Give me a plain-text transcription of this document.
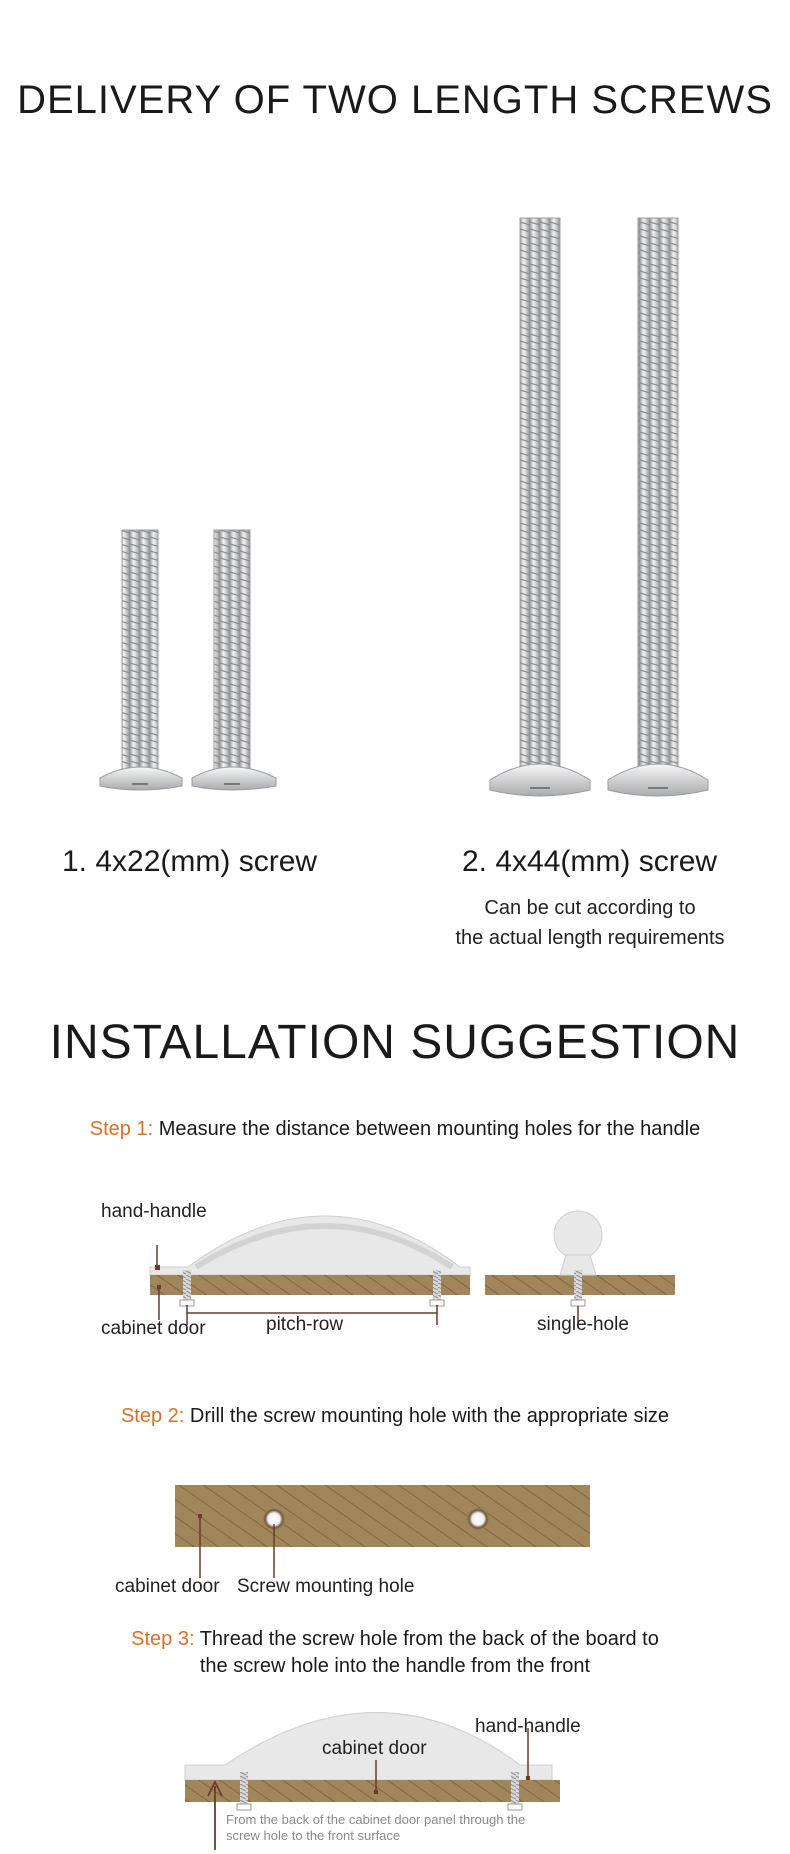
DELIVERY OF TWO LENGTH SCREWS
1. 4x22(mm) screw	2. 4x44(mm) screw
Can be cut according to
the actual length requirements
INSTALLATION SUGGESTION
Step 1: Measure the distance between mounting holes for the handle
hand-handle
cabinet door	pitch-row	single-hole
Step 2: Drill the screw mounting hole with the appropriate size
cabinet door Screw mounting hole
Step 3: Thread the screw hole from the back of the board to
the screw hole into the handle from the front
hand-handle
cabinet door
From the back of the cabinet door panel through the
screw hole to the front surface
